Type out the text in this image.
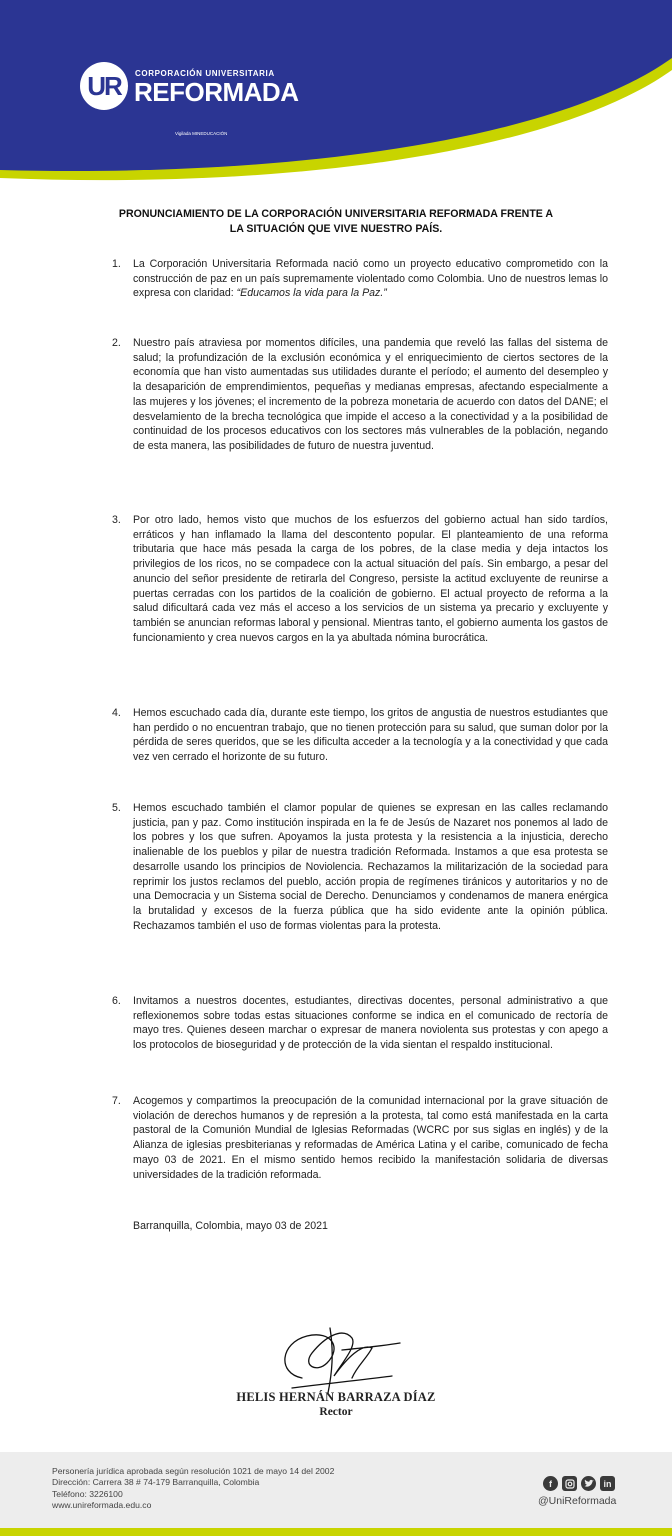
UR	CORPORACIÓN UNIVERSITARIA
REFORMADA
Vigilada MINEDUCACIÓN
PRONUNCIAMIENTO DE LA CORPORACIÓN UNIVERSITARIA REFORMADA FRENTE A
LA SITUACIÓN QUE VIVE NUESTRO PAÍS.
1. La Corporación Universitaria Reformada nació como un proyecto educativo comprometido con la construcción de paz en un país supremamente violentado como Colombia. Uno de nuestros lemas lo expresa con claridad: “Educamos la vida para la Paz.”
2. Nuestro país atraviesa por momentos difíciles, una pandemia que reveló las fallas del sistema de salud; la profundización de la exclusión económica y el enriquecimiento de ciertos sectores de la economía que han visto aumentadas sus utilidades durante el período; el aumento del desempleo y la desaparición de emprendimientos, pequeñas y medianas empresas, afectando especialmente a las mujeres y los jóvenes; el incremento de la pobreza monetaria de acuerdo con datos del DANE; el desvelamiento de la brecha tecnológica que impide el acceso a la conectividad y a la posibilidad de continuidad de los procesos educativos con los sectores más vulnerables de la población, negando de esta manera, las posibilidades de futuro de nuestra juventud.
3. Por otro lado, hemos visto que muchos de los esfuerzos del gobierno actual han sido tardíos, erráticos y han inflamado la llama del descontento popular. El planteamiento de una reforma tributaria que hace más pesada la carga de los pobres, de la clase media y deja intactos los privilegios de los ricos, no se compadece con la actual situación del país. Sin embargo, a pesar del anuncio del señor presidente de retirarla del Congreso, persiste la actitud excluyente de reunirse a puertas cerradas con los partidos de la coalición de gobierno. El actual proyecto de reforma a la salud dificultará cada vez más el acceso a los servicios de un sistema ya precario y excluyente y también se anuncian reformas laboral y pensional. Mientras tanto, el gobierno aumenta los gastos de funcionamiento y crea nuevos cargos en la ya abultada nómina burocrática.
4. Hemos escuchado cada día, durante este tiempo, los gritos de angustia de nuestros estudiantes que han perdido o no encuentran trabajo, que no tienen protección para su salud, que suman dolor por la pérdida de seres queridos, que se les dificulta acceder a la tecnología y a la conectividad y que cada vez ven cerrado el horizonte de su futuro.
5. Hemos escuchado también el clamor popular de quienes se expresan en las calles reclamando justicia, pan y paz. Como institución inspirada en la fe de Jesús de Nazaret nos ponemos al lado de los pobres y los que sufren. Apoyamos la justa protesta y la resistencia a la injusticia, derecho inalienable de los pueblos y pilar de nuestra tradición Reformada. Instamos a que esa protesta se desarrolle usando los principios de Noviolencia. Rechazamos la militarización de la sociedad para reprimir los justos reclamos del pueblo, acción propia de regímenes tiránicos y autoritarios y no de una Democracia y un Sistema social de Derecho. Denunciamos y condenamos de manera enérgica la brutalidad y excesos de la fuerza pública que ha sido evidente ante la opinión pública. Rechazamos también el uso de formas violentas para la protesta.
6. Invitamos a nuestros docentes, estudiantes, directivas docentes, personal administrativo a que reflexionemos sobre todas estas situaciones conforme se indica en el comunicado de rectoría de mayo tres. Quienes deseen marchar o expresar de manera noviolenta sus protestas y con apego a los protocolos de bioseguridad y de protección de la vida sientan el respaldo institucional.
7. Acogemos y compartimos la preocupación de la comunidad internacional por la grave situación de violación de derechos humanos y de represión a la protesta, tal como está manifestada en la carta pastoral de la Comunión Mundial de Iglesias Reformadas (WCRC por sus siglas en inglés) y de la Alianza de iglesias presbiterianas y reformadas de América Latina y el caribe, comunicado de fecha mayo 03 de 2021. En el mismo sentido hemos recibido la manifestación solidaria de diversas universidades de la tradición reformada.
Barranquilla, Colombia, mayo 03 de 2021
HELIS HERNÁN BARRAZA DÍAZ
Rector
Personería jurídica aprobada según resolución 1021 de mayo 14 del 2002
Dirección: Carrera 38 # 74-179 Barranquilla, Colombia
Teléfono: 3226100
www.unireformada.edu.co
f	in
@UniReformada
